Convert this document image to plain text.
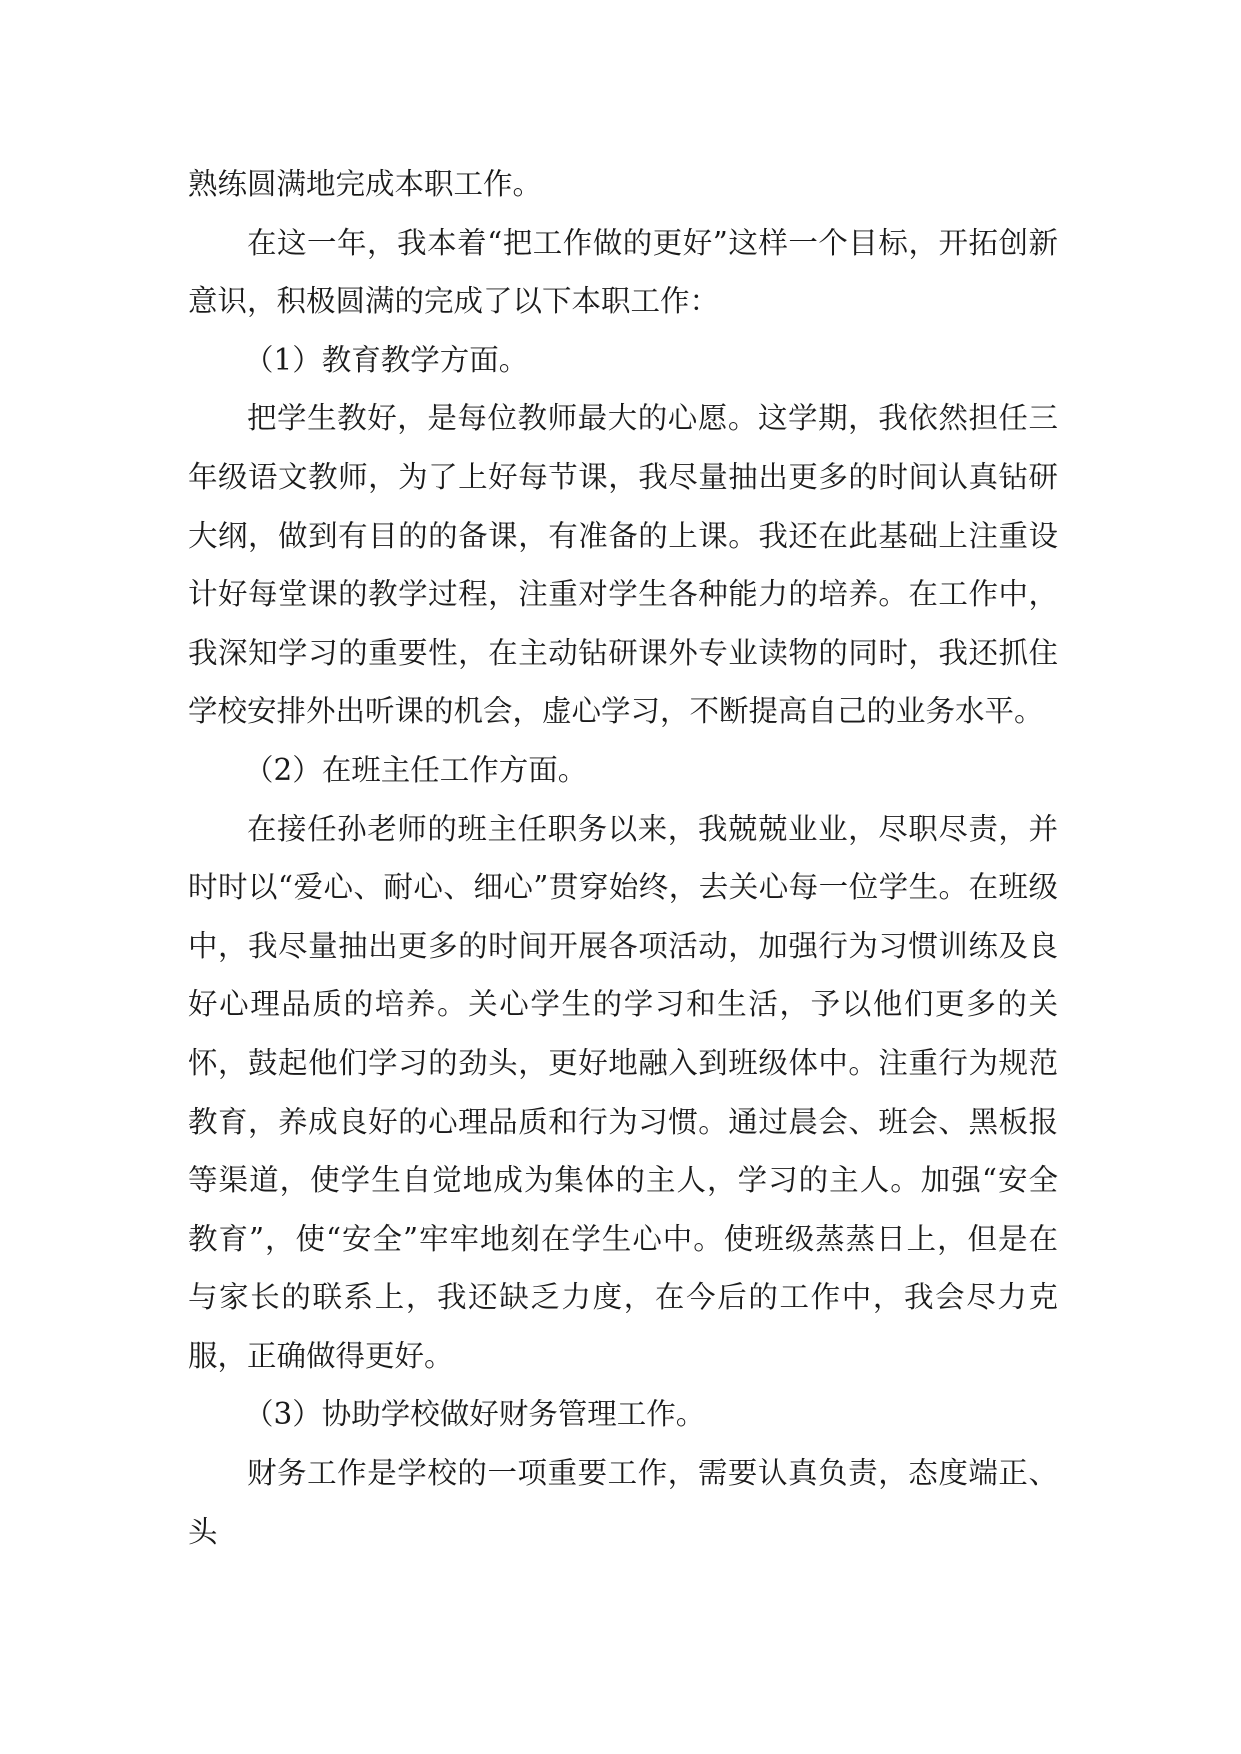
熟练圆满地完成本职工作。

在这一年，我本着“把工作做的更好”这样一个目标，开拓创新意识，积极圆满的完成了以下本职工作：

（1）教育教学方面。

把学生教好，是每位教师最大的心愿。这学期，我依然担任三年级语文教师，为了上好每节课，我尽量抽出更多的时间认真钻研大纲，做到有目的的备课，有准备的上课。我还在此基础上注重设计好每堂课的教学过程，注重对学生各种能力的培养。在工作中，我深知学习的重要性，在主动钻研课外专业读物的同时，我还抓住学校安排外出听课的机会，虚心学习，不断提高自己的业务水平。

（2）在班主任工作方面。

在接任孙老师的班主任职务以来，我兢兢业业，尽职尽责，并时时以“爱心、耐心、细心”贯穿始终，去关心每一位学生。在班级中，我尽量抽出更多的时间开展各项活动，加强行为习惯训练及良好心理品质的培养。关心学生的学习和生活，予以他们更多的关怀，鼓起他们学习的劲头，更好地融入到班级体中。注重行为规范教育，养成良好的心理品质和行为习惯。通过晨会、班会、黑板报等渠道，使学生自觉地成为集体的主人，学习的主人。加强“安全教育”，使“安全”牢牢地刻在学生心中。使班级蒸蒸日上，但是在与家长的联系上，我还缺乏力度，在今后的工作中，我会尽力克服，正确做得更好。

（3）协助学校做好财务管理工作。

财务工作是学校的一项重要工作，需要认真负责，态度端正、头
